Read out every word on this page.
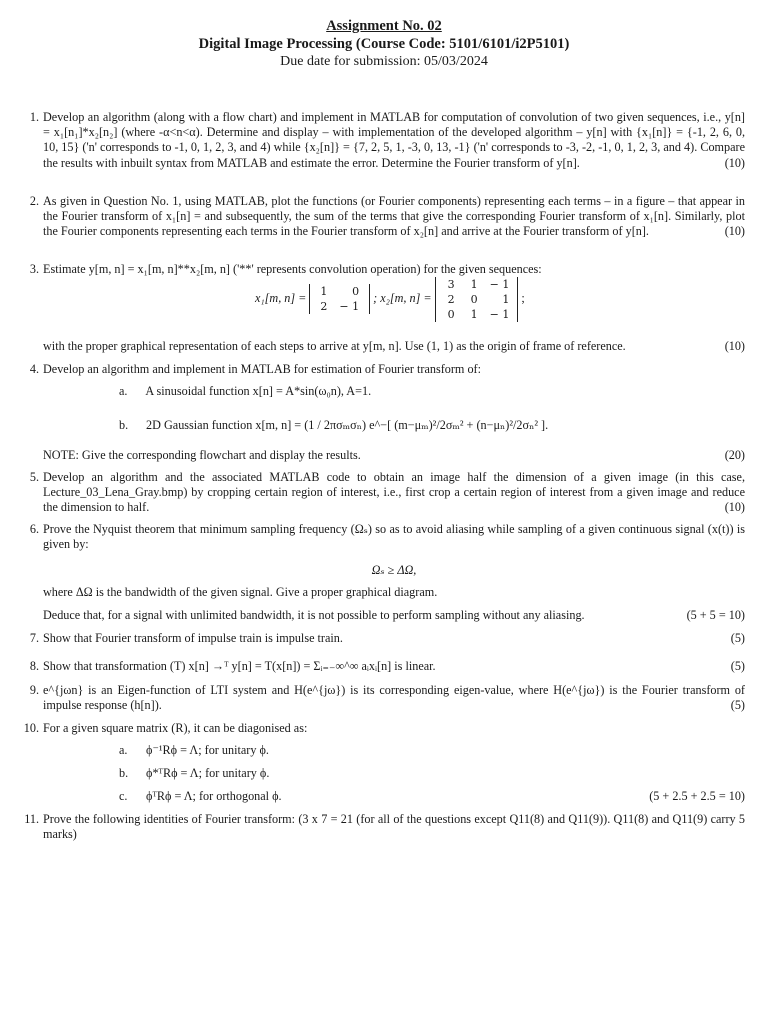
Assignment No. 02
Digital Image Processing (Course Code: 5101/6101/i2P5101)
Due date for submission: 05/03/2024
1. Develop an algorithm (along with a flow chart) and implement in MATLAB for computation of convolution of two given sequences, i.e., y[n] = x₁[n₁]*x₂[n₂] (where -α<n<α). Determine and display – with implementation of the developed algorithm – y[n] with {x₁[n]} = {-1, 2, 6, 0, 10, 15} ('n' corresponds to -1, 0, 1, 2, 3, and 4) while {x₂[n]} = {7, 2, 5, 1, -3, 0, 13, -1} ('n' corresponds to -3, -2, -1, 0, 1, 2, 3, and 4). Compare the results with inbuilt syntax from MATLAB and estimate the error. Determine the Fourier transform of y[n].	(10)
2. As given in Question No. 1, using MATLAB, plot the functions (or Fourier components) representing each terms – in a figure – that appear in the Fourier transform of x₁[n] = and subsequently, the sum of the terms that give the corresponding Fourier transform of x₁[n]. Similarly, plot the Fourier components representing each terms in the Fourier transform of x₂[n] and arrive at the Fourier transform of y[n].	(10)
3. Estimate y[m, n] = x₁[m, n]**x₂[m, n] ('**' represents convolution operation) for the given sequences:
x₁[m, n] =
1	0
2	− 1
; x₂[m, n] =
3	1	− 1
2	0	1
0	1	− 1
;
with the proper graphical representation of each steps to arrive at y[m, n]. Use (1, 1) as the origin of frame of reference.	(10)
4. Develop an algorithm and implement in MATLAB for estimation of Fourier transform of:
a. A sinusoidal function x[n] = A*sin(ω₀n), A=1.
b. 2D Gaussian function x[m, n] = (1 / 2πσₘσₙ) e^−[ (m−μₘ)²/2σₘ² + (n−μₙ)²/2σₙ² ].
NOTE: Give the corresponding flowchart and display the results.	(20)
5. Develop an algorithm and the associated MATLAB code to obtain an image half the dimension of a given image (in this case, Lecture_03_Lena_Gray.bmp) by cropping certain region of interest, i.e., first crop a certain region of interest from a given image and reduce the dimension to half.	(10)
6. Prove the Nyquist theorem that minimum sampling frequency (Ωₛ) so as to avoid aliasing while sampling of a given continuous signal (x(t)) is given by:
Ωₛ ≥ ΔΩ,
where ΔΩ is the bandwidth of the given signal. Give a proper graphical diagram.
Deduce that, for a signal with unlimited bandwidth, it is not possible to perform sampling without any aliasing.	(5 + 5 = 10)
7. Show that Fourier transform of impulse train is impulse train.	(5)
8. Show that transformation (T) x[n] →ᵀ y[n] = T(x[n]) = Σᵢ₌₋∞^∞ aᵢxᵢ[n] is linear.	(5)
9. e^{jωn} is an Eigen-function of LTI system and H(e^{jω}) is its corresponding eigen-value, where H(e^{jω}) is the Fourier transform of impulse response (h[n]).	(5)
10. For a given square matrix (R), it can be diagonised as:
a. ϕ⁻¹Rϕ = Λ; for unitary ϕ.
b. ϕ*ᵀRϕ = Λ; for unitary ϕ.
c. ϕᵀRϕ = Λ; for orthogonal ϕ.	(5 + 2.5 + 2.5 = 10)
11. Prove the following identities of Fourier transform: (3 x 7 = 21 (for all of the questions except Q11(8) and Q11(9)). Q11(8) and Q11(9) carry 5 marks)
